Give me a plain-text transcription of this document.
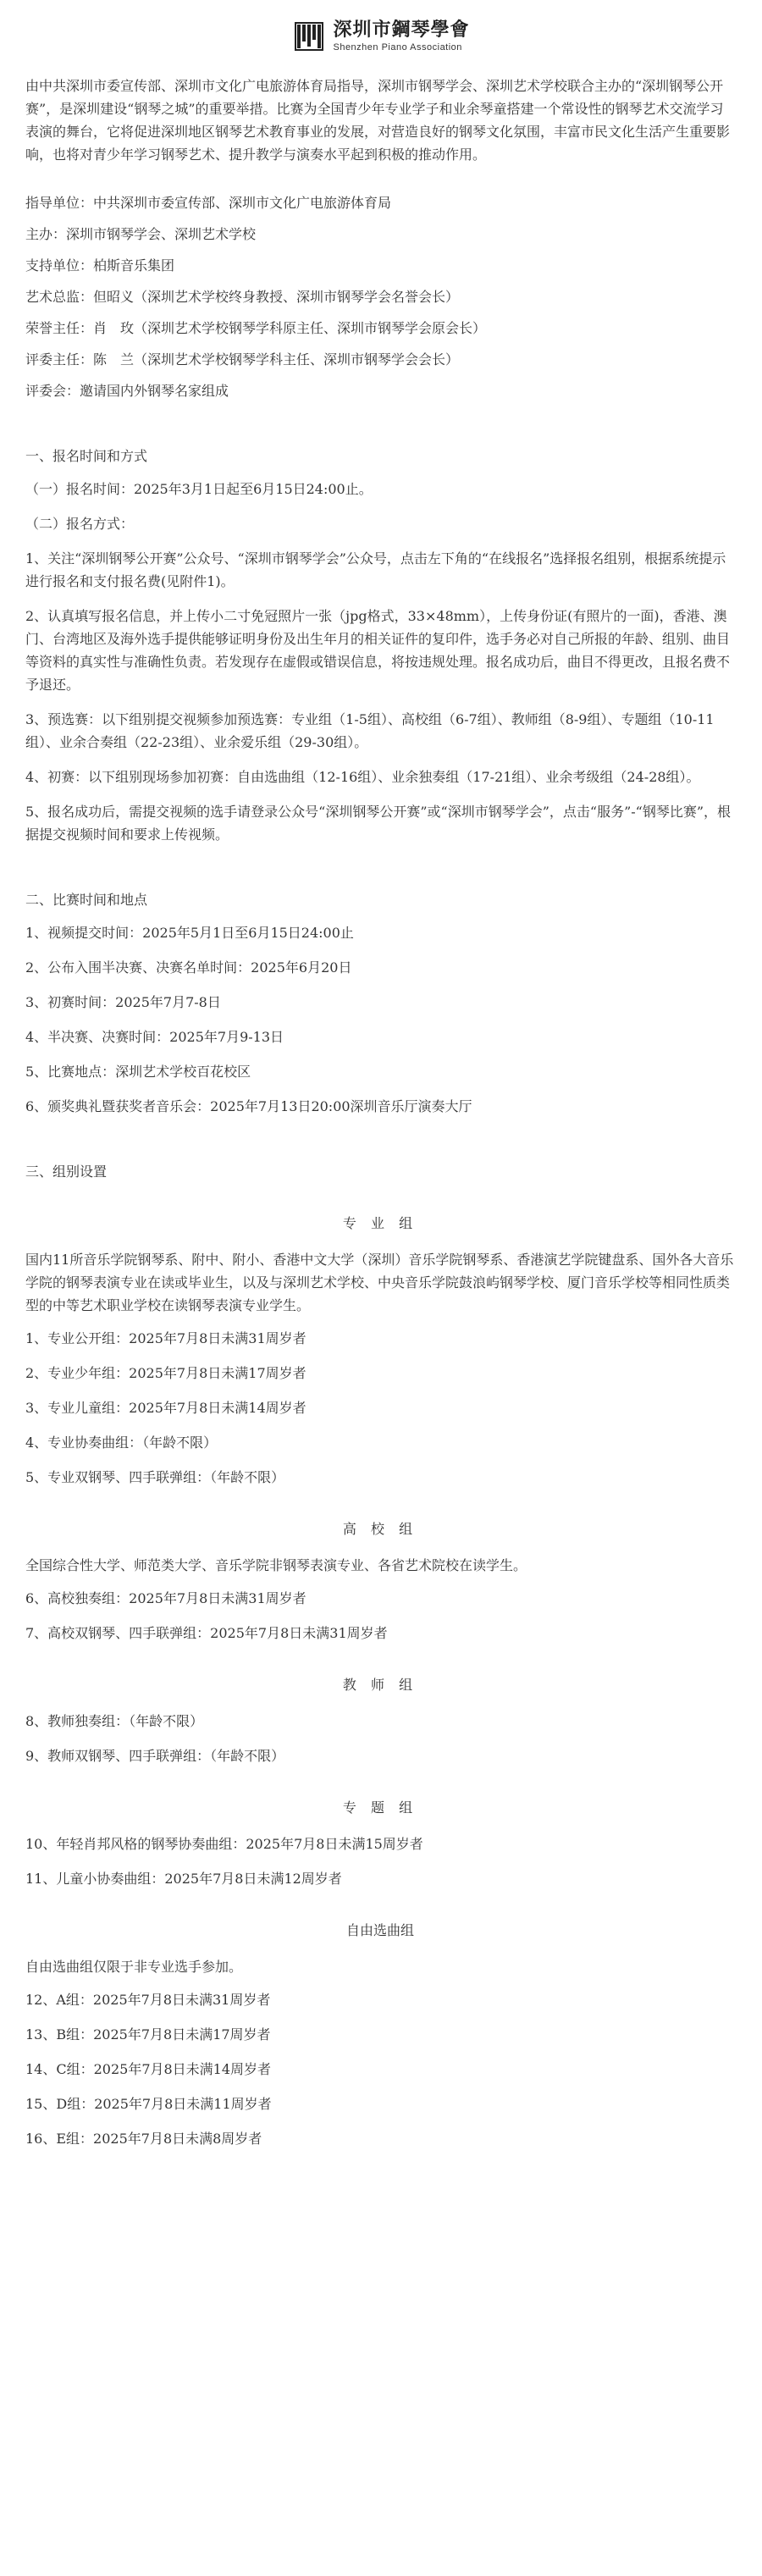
深圳市鋼琴學會
Shenzhen Piano Association

由中共深圳市委宣传部、深圳市文化广电旅游体育局指导，深圳市钢琴学会、深圳艺术学校联合主办的“深圳钢琴公开赛”，是深圳建设“钢琴之城”的重要举措。比赛为全国青少年专业学子和业余琴童搭建一个常设性的钢琴艺术交流学习表演的舞台，它将促进深圳地区钢琴艺术教育事业的发展，对营造良好的钢琴文化氛围，丰富市民文化生活产生重要影响，也将对青少年学习钢琴艺术、提升教学与演奏水平起到积极的推动作用。

指导单位：中共深圳市委宣传部、深圳市文化广电旅游体育局

主办：深圳市钢琴学会、深圳艺术学校

支持单位：柏斯音乐集团

艺术总监：但昭义（深圳艺术学校终身教授、深圳市钢琴学会名誉会长）

荣誉主任：肖　玫（深圳艺术学校钢琴学科原主任、深圳市钢琴学会原会长）

评委主任：陈　兰（深圳艺术学校钢琴学科主任、深圳市钢琴学会会长）

评委会：邀请国内外钢琴名家组成

一、报名时间和方式

（一）报名时间：2025年3月1日起至6月15日24:00止。

（二）报名方式：

1、关注“深圳钢琴公开赛”公众号、“深圳市钢琴学会”公众号，点击左下角的“在线报名”选择报名组别，根据系统提示进行报名和支付报名费(见附件1)。

2、认真填写报名信息，并上传小二寸免冠照片一张（jpg格式，33×48mm），上传身份证(有照片的一面)，香港、澳门、台湾地区及海外选手提供能够证明身份及出生年月的相关证件的复印件，选手务必对自己所报的年龄、组别、曲目等资料的真实性与准确性负责。若发现存在虚假或错误信息，将按违规处理。报名成功后，曲目不得更改，且报名费不予退还。

3、预选赛：以下组别提交视频参加预选赛：专业组（1-5组）、高校组（6-7组）、教师组（8-9组）、专题组（10-11组）、业余合奏组（22-23组）、业余爱乐组（29-30组）。

4、初赛：以下组别现场参加初赛：自由选曲组（12-16组）、业余独奏组（17-21组）、业余考级组（24-28组）。

5、报名成功后，需提交视频的选手请登录公众号“深圳钢琴公开赛”或“深圳市钢琴学会”，点击“服务”-“钢琴比赛”，根据提交视频时间和要求上传视频。

二、比赛时间和地点

1、视频提交时间：2025年5月1日至6月15日24:00止

2、公布入围半决赛、决赛名单时间：2025年6月20日

3、初赛时间：2025年7月7-8日

4、半决赛、决赛时间：2025年7月9-13日

5、比赛地点：深圳艺术学校百花校区

6、颁奖典礼暨获奖者音乐会：2025年7月13日20:00深圳音乐厅演奏大厅

三、组别设置

专 业 组

国内11所音乐学院钢琴系、附中、附小、香港中文大学（深圳）音乐学院钢琴系、香港演艺学院键盘系、国外各大音乐学院的钢琴表演专业在读或毕业生，以及与深圳艺术学校、中央音乐学院鼓浪屿钢琴学校、厦门音乐学校等相同性质类型的中等艺术职业学校在读钢琴表演专业学生。

1、专业公开组：2025年7月8日未满31周岁者

2、专业少年组：2025年7月8日未满17周岁者

3、专业儿童组：2025年7月8日未满14周岁者

4、专业协奏曲组：（年龄不限）

5、专业双钢琴、四手联弹组：（年龄不限）

高 校 组

全国综合性大学、师范类大学、音乐学院非钢琴表演专业、各省艺术院校在读学生。

6、高校独奏组：2025年7月8日未满31周岁者

7、高校双钢琴、四手联弹组：2025年7月8日未满31周岁者

教 师 组

8、教师独奏组：（年龄不限）

9、教师双钢琴、四手联弹组：（年龄不限）

专 题 组

10、年轻肖邦风格的钢琴协奏曲组：2025年7月8日未满15周岁者

11、儿童小协奏曲组：2025年7月8日未满12周岁者

自由选曲组

自由选曲组仅限于非专业选手参加。

12、A组：2025年7月8日未满31周岁者

13、B组：2025年7月8日未满17周岁者

14、C组：2025年7月8日未满14周岁者

15、D组：2025年7月8日未满11周岁者

16、E组：2025年7月8日未满8周岁者
